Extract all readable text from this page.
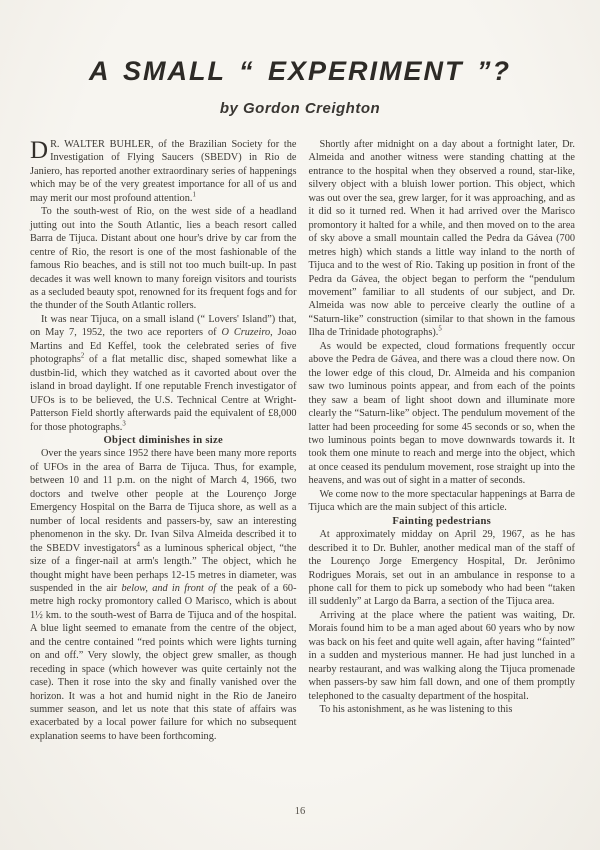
A SMALL “ EXPERIMENT ”?
by Gordon Creighton

D R. WALTER BUHLER, of the Brazilian Society for the Investigation of Flying Saucers (SBEDV) in Rio de Janiero, has reported another extraordinary series of happenings which may be of the very greatest importance for all of us and may merit our most profound attention.$^1$

To the south-west of Rio, on the west side of a headland jutting out into the South Atlantic, lies a beach resort called Barra de Tijuca. Distant about one hour's drive by car from the centre of Rio, the resort is one of the most fashionable of the famous Rio beaches, and is still not too much built-up. In past decades it was well known to many foreign visitors and tourists as a secluded beauty spot, renowned for its frequent fogs and for the thunder of the South Atlantic rollers.

It was near Tijuca, on a small island (“ Lovers' Island”) that, on May 7, 1952, the two ace reporters of O Cruzeiro, Joao Martins and Ed Keffel, took the celebrated series of five photographs$^2$ of a flat metallic disc, shaped somewhat like a dustbin-lid, which they watched as it cavorted about over the island in broad daylight. If one reputable French investigator of UFOs is to be believed, the U.S. Technical Centre at Wright-Patterson Field shortly afterwards paid the equivalent of £8,000 for those photographs.$^3$

Object diminishes in size

Over the years since 1952 there have been many more reports of UFOs in the area of Barra de Tijuca. Thus, for example, between 10 and 11 p.m. on the night of March 4, 1966, two doctors and twelve other people at the Lourenço Jorge Emergency Hospital on the Barra de Tijuca shore, as well as a number of local residents and passers-by, saw an interesting phenomenon in the sky. Dr. Ivan Silva Almeida described it to the SBEDV investigators$^4$ as a luminous spherical object, “the size of a finger-nail at arm's length.” The object, which he thought might have been perhaps 12-15 metres in diameter, was suspended in the air below, and in front of the peak of a 60-metre high rocky promontory called O Marisco, which is about 1½ km. to the south-west of Barra de Tijuca and of the hospital. A blue light seemed to emanate from the centre of the object, and the centre contained “red points which were lights turning on and off.” Very slowly, the object grew smaller, as though receding in space (which however was quite certainly not the case). Then it rose into the sky and finally vanished over the horizon. It was a hot and humid night in the Rio de Janeiro summer season, and let us note that this state of affairs was exacerbated by a local power failure for which no subsequent explanation seems to have been forthcoming.

Shortly after midnight on a day about a fortnight later, Dr. Almeida and another witness were standing chatting at the entrance to the hospital when they observed a round, star-like, silvery object with a bluish lower portion. This object, which was out over the sea, grew larger, for it was approaching, and as it did so it turned red. When it had arrived over the Marisco promontory it halted for a while, and then moved on to the area of sky above a small mountain called the Pedra da Gávea (700 metres high) which stands a little way inland to the north of Tijuca and to the west of Rio. Taking up position in front of the Pedra da Gávea, the object began to perform the “pendulum movement” familiar to all students of our subject, and Dr. Almeida was now able to perceive clearly the outline of a “Saturn-like” construction (similar to that shown in the famous Ilha de Trinidade photographs).$^5$

As would be expected, cloud formations frequently occur above the Pedra de Gávea, and there was a cloud there now. On the lower edge of this cloud, Dr. Almeida and his companion saw two luminous points appear, and from each of the points they saw a beam of light shoot down and illuminate more clearly the “Saturn-like” object. The pendulum movement of the latter had been proceeding for some 45 seconds or so, when the two luminous points began to move downwards towards it. It took them one minute to reach and merge into the object, which at once ceased its pendulum movement, rose straight up into the heavens, and was out of sight in a matter of seconds.

We come now to the more spectacular happenings at Barra de Tijuca which are the main subject of this article.

Fainting pedestrians

At approximately midday on April 29, 1967, as he has described it to Dr. Buhler, another medical man of the staff of the Lourenço Jorge Emergency Hospital, Dr. Jerônimo Rodrigues Morais, set out in an ambulance in response to a phone call for them to pick up somebody who had been “taken ill suddenly” at Largo da Barra, a section of the Tijuca area.

Arriving at the place where the patient was waiting, Dr. Morais found him to be a man aged about 60 years who by now was back on his feet and quite well again, after having “fainted” in a sudden and mysterious manner. He had just lunched in a nearby restaurant, and was walking along the Tijuca promenade when passers-by saw him fall down, and one of them promptly telephoned to the casualty department of the hospital.

To his astonishment, as he was listening to this

16
